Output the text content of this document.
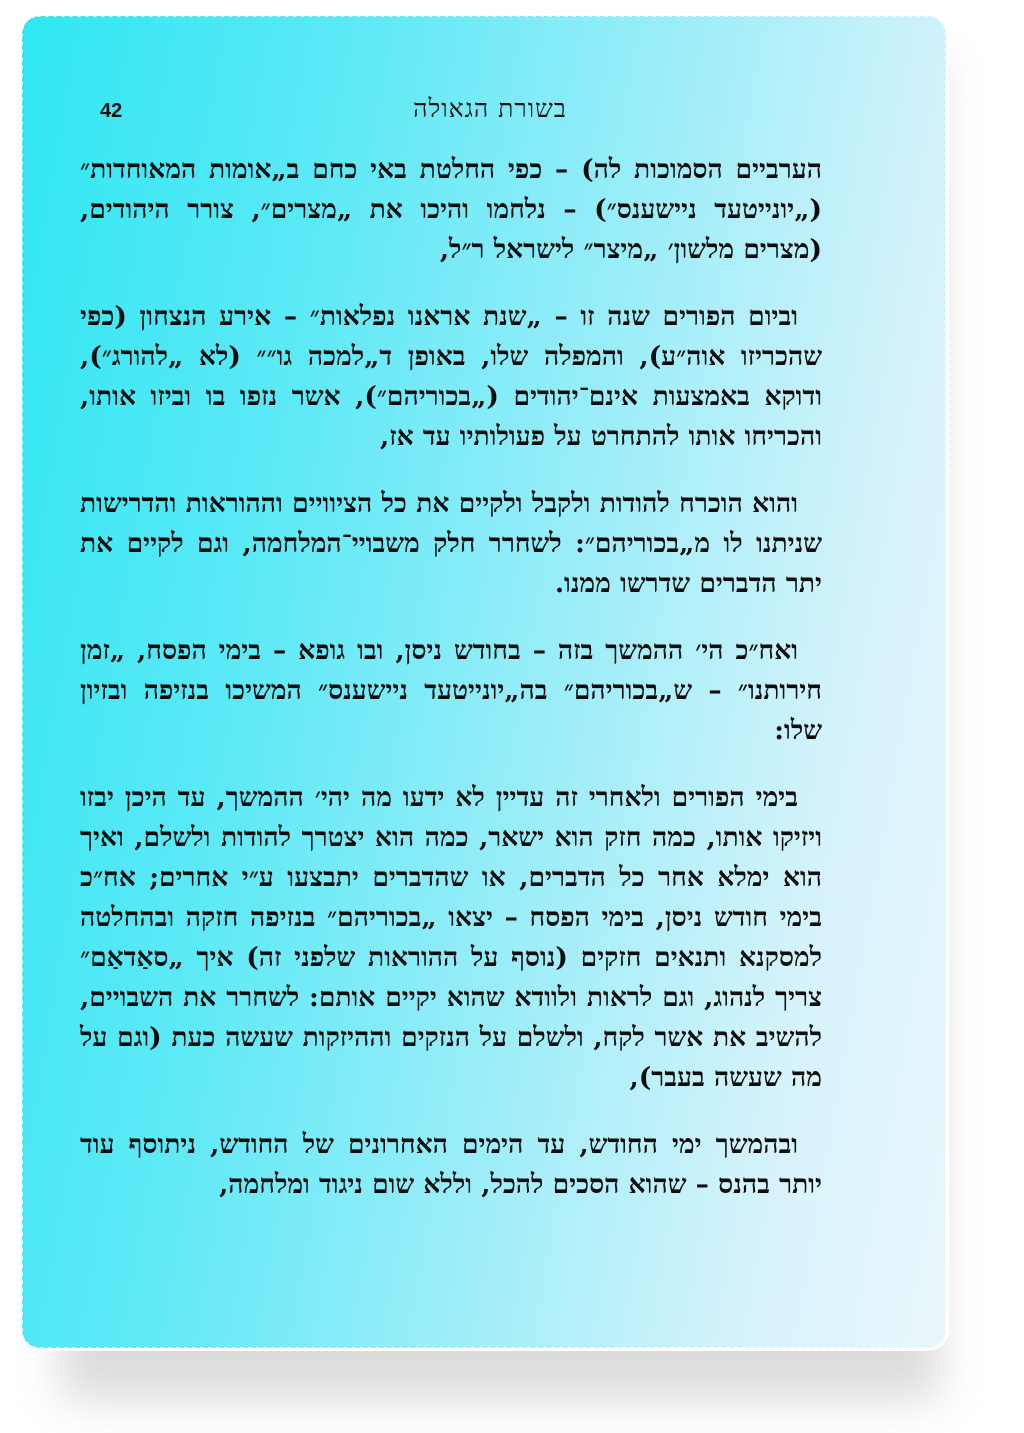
42	בשורת הגאולה

הערביים הסמוכות לה) – כפי החלטת באי כחם ב„אומות המאוחדות״ („יונייטעד ניישענס״) – נלחמו והיכו את „מצרים״, צורר היהודים, (מצרים מלשון׳ „מיצר״ לישראל ר״ל,

וביום הפורים שנה זו – „שנת אראנו נפלאות״ – אירע הנצחון (כפי שהכריזו אוה״ע), והמפלה שלו, באופן ד„למכה גו״״ (לא „להורג״), ודוקא באמצעות אינם־יהודים („בכוריהם״), אשר נזפו בו וביזו אותו, והכריחו אותו להתחרט על פעולותיו עד אז,

והוא הוכרח להודות ולקבל ולקיים את כל הציוויים וההוראות והדרישות שניתנו לו מ„בכוריהם״: לשחרר חלק משבויי־המלחמה, וגם לקיים את יתר הדברים שדרשו ממנו.

ואח״כ הי׳ ההמשך בזה – בחודש ניסן, ובו גופא – בימי הפסח, „זמן חירותנו״ – ש„בכוריהם״ בה„יונייטעד ניישענס״ המשיכו בנזיפה ובזיון שלו:

בימי הפורים ולאחרי זה עדיין לא ידעו מה יהי׳ ההמשך, עד היכן יבזו ויזיקו אותו, כמה חזק הוא ישאר, כמה הוא יצטרך להודות ולשלם, ואיך הוא ימלא אחר כל הדברים, או שהדברים יתבצעו ע״י אחרים; אח״כ בימי חודש ניסן, בימי הפסח – יצאו „בכוריהם״ בנזיפה חזקה ובהחלטה למסקנא ותנאים חזקים (נוסף על ההוראות שלפני זה) איך „סאַדאַם״ צריך לנהוג, וגם לראות ולוודא שהוא יקיים אותם: לשחרר את השבויים, להשיב את אשר לקח, ולשלם על הנזקים וההיזקות שעשה כעת (וגם על מה שעשה בעבר),

ובהמשך ימי החודש, עד הימים האחרונים של החודש, ניתוסף עוד יותר בהנס – שהוא הסכים להכל, וללא שום ניגוד ומלחמה,
